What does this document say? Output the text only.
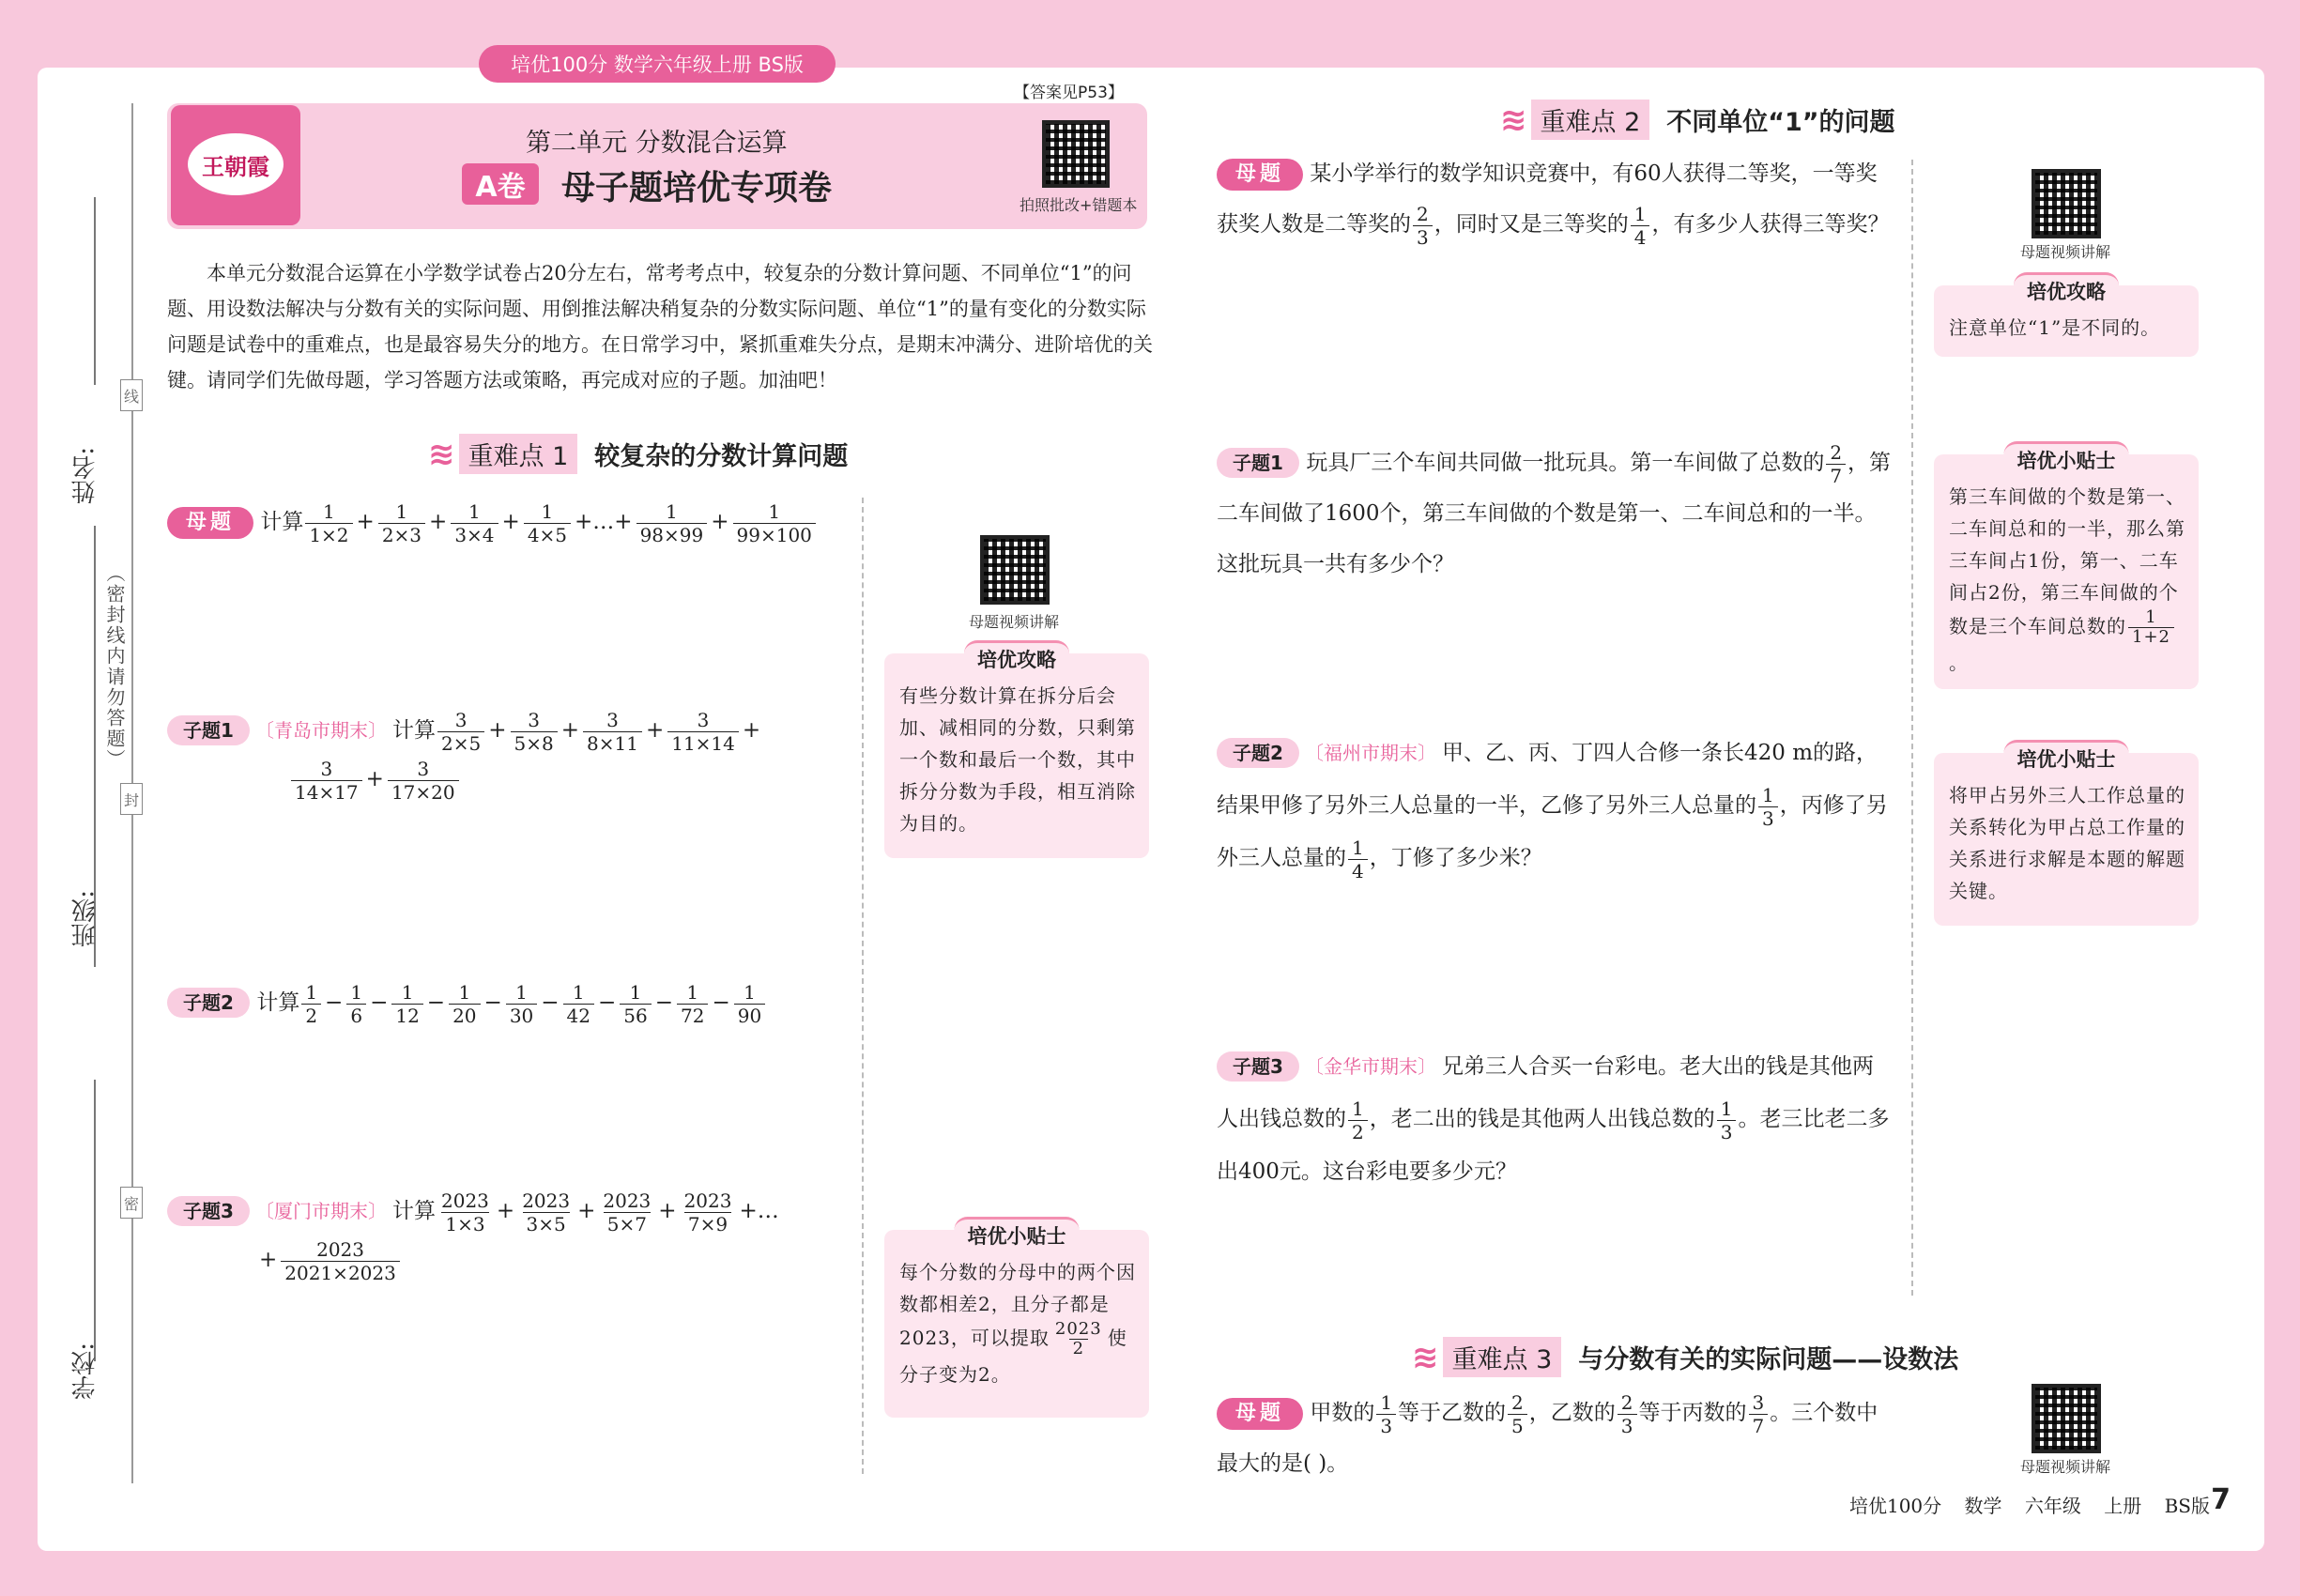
培优100分 数学六年级上册 BS版
姓名:
班级:
学校:
线
封
密
（密封线内请勿答题）
王朝霞
【答案见P53】
第二单元 分数混合运算
A卷	母子题培优专项卷	拍照批改+错题本
本单元分数混合运算在小学数学试卷占20分左右，常考考点中，较复杂的分数计算问题、不同单位“1”的问题、用设数法解决与分数有关的实际问题、用倒推法解决稍复杂的分数实际问题、单位“1”的量有变化的分数实际问题是试卷中的重难点，也是最容易失分的地方。在日常学习中，紧抓重难失分点，是期末冲满分、进阶培优的关键。请同学们先做母题，学习答题方法或策略，再完成对应的子题。加油吧！
≋ 重难点 1	较复杂的分数计算问题
母题 计算 $\frac{1}{1\times 2} + \frac{1}{2\times 3} + \frac{1}{3\times 4} + \frac{1}{4\times 5}$ +…+ $\frac{1}{98\times 99} + \frac{1}{99\times 100}$
母题视频讲解
培优攻略
有些分数计算在拆分后会加、减相同的分数，只剩第一个数和最后一个数，其中拆分分数为手段，相互消除为目的。
子题1 〔青岛市期末〕 计算 $\frac{3}{2\times 5} + \frac{3}{5\times 8} + \frac{3}{8\times 11} + \frac{3}{11\times 14}$ +
$\frac{3}{14\times 17} + \frac{3}{17\times 20}$
子题2 计算 $\frac{1}{2} - \frac{1}{6} - \frac{1}{12} - \frac{1}{20} - \frac{1}{30} - \frac{1}{42} - \frac{1}{56} - \frac{1}{72} - \frac{1}{90}$
子题3 〔厦门市期末〕 计算 $\frac{2023}{1\times 3} + \frac{2023}{3\times 5} + \frac{2023}{5\times 7} + \frac{2023}{7\times 9}$ +…
+ $\frac{2023}{2021\times 2023}$
培优小贴士
每个分数的分母中的两个因数都相差2，且分子都是2023，可以提取 $\frac{2023}{2}$ 使分子变为2。
≋ 重难点 2	不同单位“1”的问题
母题 某小学举行的数学知识竞赛中，有60人获得二等奖，一等奖获奖人数是二等奖的 $\frac{2}{3}$ ，同时又是三等奖的 $\frac{1}{4}$ ，有多少人获得三等奖？
母题视频讲解
培优攻略
注意单位“1”是不同的。
子题1 玩具厂三个车间共同做一批玩具。第一车间做了总数的 $\frac{2}{7}$ ，第二车间做了1600个，第三车间做的个数是第一、二车间总和的一半。这批玩具一共有多少个？
培优小贴士
第三车间做的个数是第一、二车间总和的一半，那么第三车间占1份，第一、二车间占2份，第三车间做的个数是三个车间总数的 $\frac{1}{1+2}$
。
子题2 〔福州市期末〕 甲、乙、丙、丁四人合修一条长420 m的路，结果甲修了另外三人总量的一半，乙修了另外三人总量的 $\frac{1}{3}$ ，丙修了另外三人总量的 $\frac{1}{4}$ ，丁修了多少米？
培优小贴士
将甲占另外三人工作总量的关系转化为甲占总工作量的关系进行求解是本题的解题关键。
子题3 〔金华市期末〕 兄弟三人合买一台彩电。老大出的钱是其他两人出钱总数的 $\frac{1}{2}$ ，老二出的钱是其他两人出钱总数的 $\frac{1}{3}$ 。老三比老二多出400元。这台彩电要多少元？
≋ 重难点 3	与分数有关的实际问题——设数法
母题 甲数的 $\frac{1}{3}$ 等于乙数的 $\frac{2}{5}$ ，乙数的 $\frac{2}{3}$ 等于丙数的 $\frac{3}{7}$ 。三个数中最大的是( )。	母题视频讲解
培优100分 数学 六年级 上册 BS版 7
